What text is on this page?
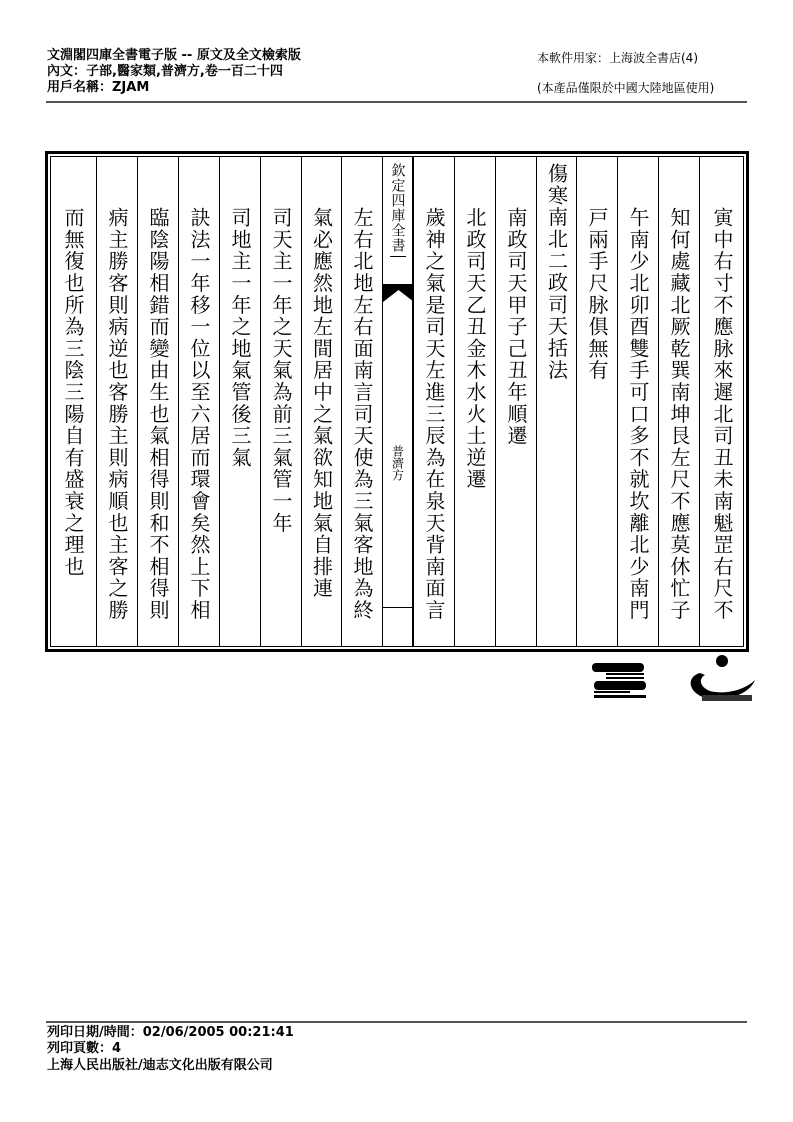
文淵閣四庫全書電子版 -- 原文及全文檢索版
內文：子部,醫家類,普濟方,卷一百二十四
用戶名稱：ZJAM
本軟件用家：上海波全書店(4)
(本產品僅限於中國大陸地區使用)
欽定四庫全書
普濟方	寅中右寸不應脉來遲北司丑未南魁罡右尺不
知何處藏北厥乾巽南坤艮左尺不應莫休忙子
午南少北卯酉雙手可口多不就坎離北少南門
戸兩手尺脉俱無有
傷寒南北二政司天括法
南政司天甲子己丑年順遷
北政司天乙丑金木水火土逆遷
歲神之氣是司天左進三辰為在泉天背南面言
左右北地左右面南言司天使為三氣客地為終
氣必應然地左間居中之氣欲知地氣自排連
司天主一年之天氣為前三氣管一年
司地主一年之地氣管後三氣
訣法一年移一位以至六居而環會矣然上下相
臨陰陽相錯而變由生也氣相得則和不相得則
病主勝客則病逆也客勝主則病順也主客之勝
而無復也所為三陰三陽自有盛衰之理也
列印日期/時間：02/06/2005 00:21:41
列印頁數：4
上海人民出版社/迪志文化出版有限公司
